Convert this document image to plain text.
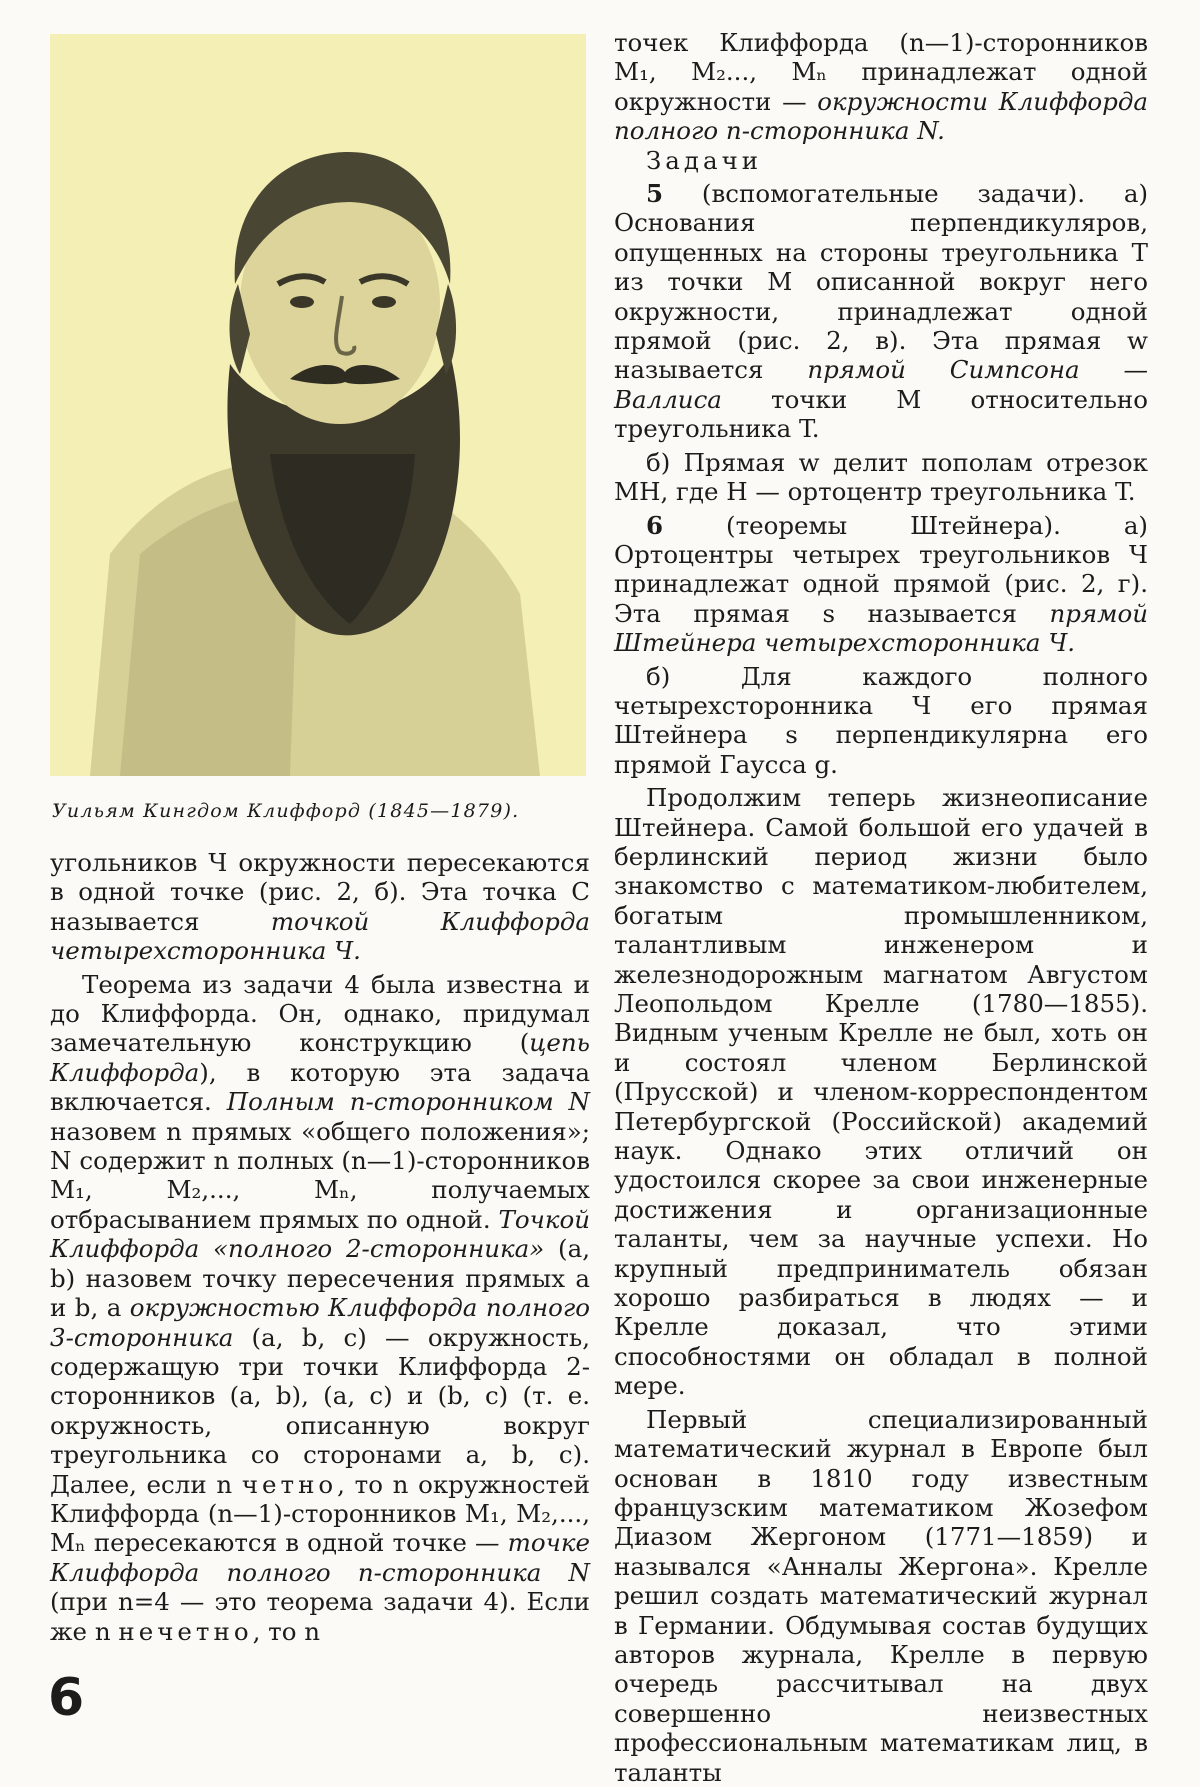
Уильям Кингдом Клиффорд (1845—1879).

угольников Ч окружности пересекаются в одной точке (рис. 2, б). Эта точка C называется точкой Клиффорда четырехсторонника Ч.

Теорема из задачи 4 была известна и до Клиффорда. Он, однако, придумал замечательную конструкцию (цепь Клиффорда), в которую эта задача включается. Полным n-сторонником N назовем n прямых «общего положения»; N содержит n полных (n—1)-сторонников M₁, M₂,..., Mₙ, получаемых отбрасыванием прямых по одной. Точкой Клиффорда «полного 2-сторонника» (a, b) назовем точку пересечения прямых a и b, а окружностью Клиффорда полного 3-сторонника (a, b, c) — окружность, содержащую три точки Клиффорда 2-сторонников (a, b), (a, c) и (b, c) (т. е. окружность, описанную вокруг треугольника со сторонами a, b, c). Далее, если n четно, то n окружностей Клиффорда (n—1)-сторонников M₁, M₂,..., Mₙ пересекаются в одной точке — точке Клиффорда полного n-сторонника N (при n=4 — это теорема задачи 4). Если же n нечетно, то n

точек Клиффорда (n—1)-сторонников M₁, M₂..., Mₙ принадлежат одной окружности — окружности Клиффорда полного n-сторонника N.

Задачи

5 (вспомогательные задачи). а) Основания перпендикуляров, опущенных на стороны треугольника T из точки M описанной вокруг него окружности, принадлежат одной прямой (рис. 2, в). Эта прямая w называется прямой Симпсона — Валлиса точки M относительно треугольника T.

б) Прямая w делит пополам отрезок MH, где H — ортоцентр треугольника T.

6 (теоремы Штейнера). а) Ортоцентры четырех треугольников Ч принадлежат одной прямой (рис. 2, г). Эта прямая s называется прямой Штейнера четырехсторонника Ч.

б) Для каждого полного четырехсторонника Ч его прямая Штейнера s перпендикулярна его прямой Гаусса g.

Продолжим теперь жизнеописание Штейнера. Самой большой его удачей в берлинский период жизни было знакомство с математиком-любителем, богатым промышленником, талантливым инженером и железнодорожным магнатом Августом Леопольдом Крелле (1780—1855). Видным ученым Крелле не был, хоть он и состоял членом Берлинской (Прусской) и членом-корреспондентом Петербургской (Российской) академий наук. Однако этих отличий он удостоился скорее за свои инженерные достижения и организационные таланты, чем за научные успехи. Но крупный предприниматель обязан хорошо разбираться в людях — и Крелле доказал, что этими способностями он обладал в полной мере.

Первый специализированный математический журнал в Европе был основан в 1810 году известным французским математиком Жозефом Диазом Жергоном (1771—1859) и назывался «Анналы Жергона». Крелле решил создать математический журнал в Германии. Обдумывая состав будущих авторов журнала, Крелле в первую очередь рассчитывал на двух совершенно неизвестных профессиональным математикам лиц, в таланты

6
